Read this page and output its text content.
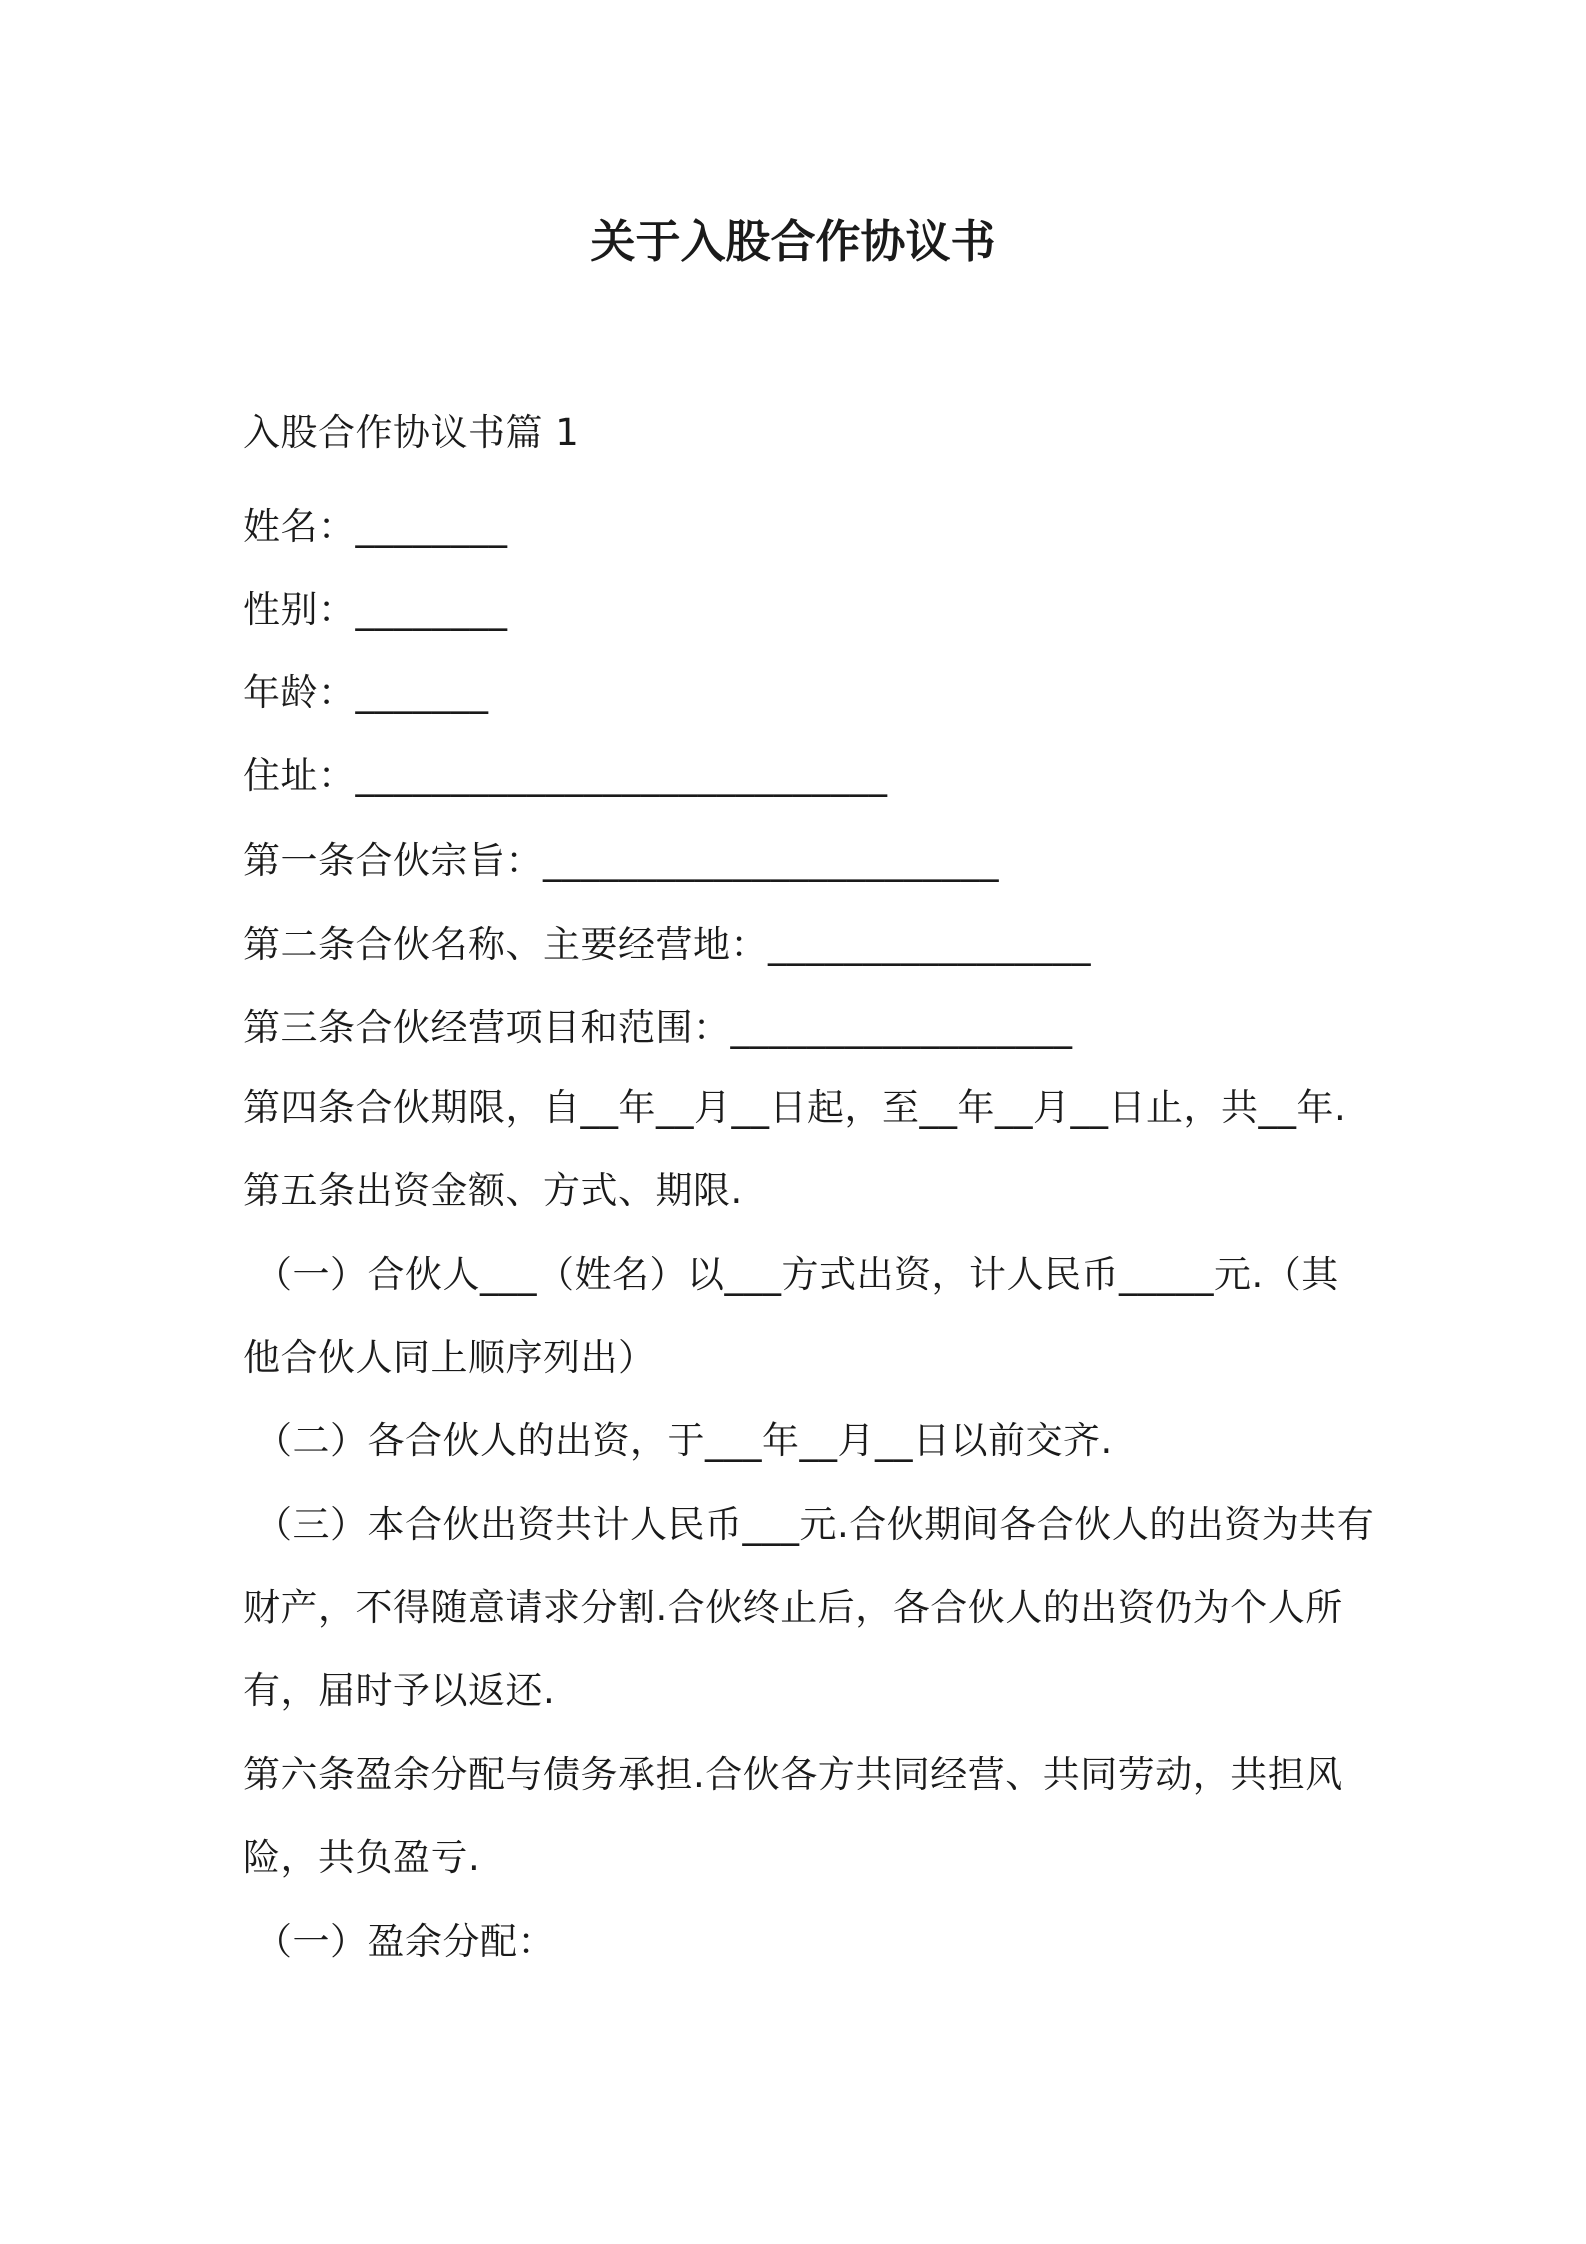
关于入股合作协议书
入股合作协议书篇 1
姓名：________
性别：________
年龄：_______
住址：____________________________
第一条合伙宗旨：________________________
第二条合伙名称、主要经营地：_________________
第三条合伙经营项目和范围：__________________
第四条合伙期限，自__年__月__日起，至__年__月__日止，共__年.
第五条出资金额、方式、期限.
（一）合伙人___（姓名）以___方式出资，计人民币_____元.（其
他合伙人同上顺序列出）
（二）各合伙人的出资，于___年__月__日以前交齐.
（三）本合伙出资共计人民币___元.合伙期间各合伙人的出资为共有
财产，不得随意请求分割.合伙终止后，各合伙人的出资仍为个人所
有，届时予以返还.
第六条盈余分配与债务承担.合伙各方共同经营、共同劳动，共担风
险，共负盈亏.
（一）盈余分配：
